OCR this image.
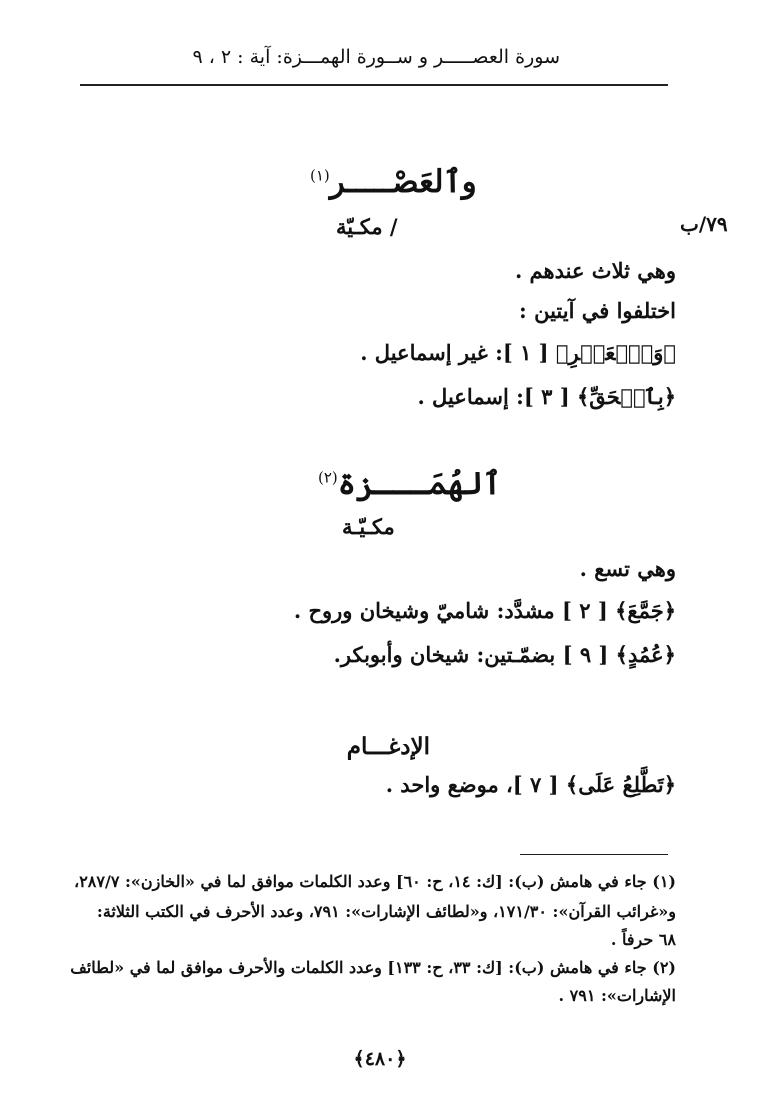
سورة العصـــــر و ســورة الهمـــزة: آية : ٢ ، ٩
٧٩/ب
وٱلعَصْـــــر$^{(١)}$
/ مكـيّة
وهي ثلاث عندهم .
اختلفوا في آيتين :
﴿وَٱلۡعَصۡرِ﴾ [ ١ ]: غير إسماعيل .
﴿بِٱلۡحَقِّ﴾ [ ٣ ]: إسماعيل .
ٱلهُمَـــزة$^{(٢)}$
مكـيّـة
وهي تسع .
﴿جَمَّعَ﴾ [ ٢ ] مشدَّد: شاميّ وشيخان وروح .
﴿عُمُدٍ﴾ [ ٩ ] بضمّـتين: شيخان وأبوبكر.
الإدغـــام
﴿تَطَّلِعُ عَلَى﴾ [ ٧ ]، موضع واحد .
(١) جاء في هامش (ب): [ك: ١٤، ح: ٦٠] وعدد الكلمات موافق لما في «الخازن»: ٢٨٧/٧،
و«غرائب القرآن»: ١٧١/٣٠، و«لطائف الإشارات»: ٧٩١، وعدد الأحرف في الكتب الثلاثة:
٦٨ حرفاً .
(٢) جاء في هامش (ب): [ك: ٣٣، ح: ١٣٣] وعدد الكلمات والأحرف موافق لما في «لطائف
الإشارات»: ٧٩١ .
﴿٤٨٠﴾
